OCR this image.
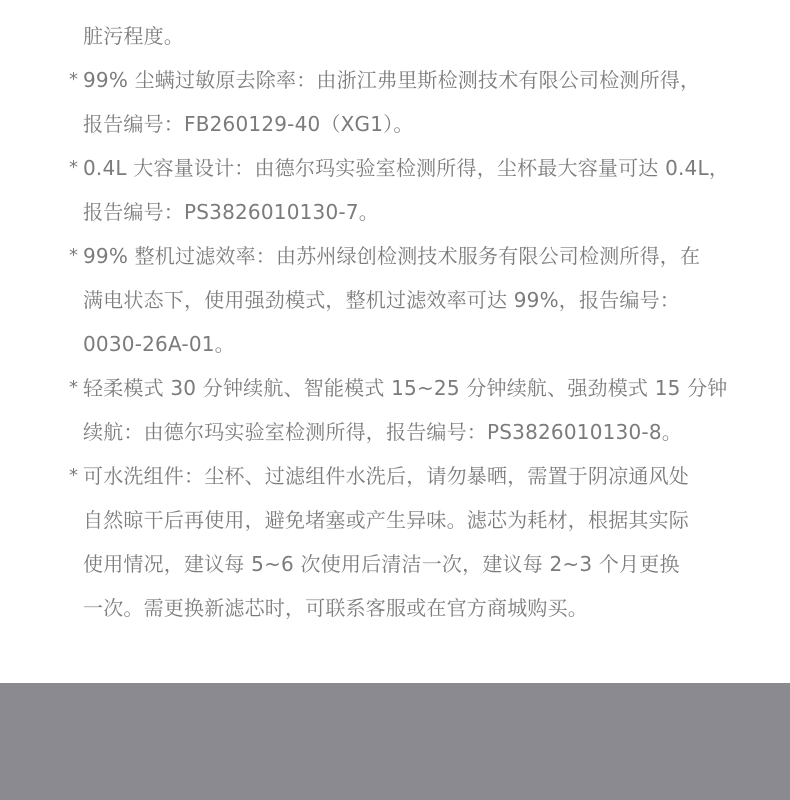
脏污程度。
* 99% 尘螨过敏原去除率：由浙江弗里斯检测技术有限公司检测所得，
报告编号：FB260129-40（XG1）。
* 0.4L 大容量设计：由德尔玛实验室检测所得，尘杯最大容量可达 0.4L，
报告编号：PS3826010130-7。
* 99% 整机过滤效率：由苏州绿创检测技术服务有限公司检测所得，在
满电状态下，使用强劲模式，整机过滤效率可达 99%，报告编号：
0030-26A-01。
* 轻柔模式 30 分钟续航、智能模式 15~25 分钟续航、强劲模式 15 分钟
续航：由德尔玛实验室检测所得，报告编号：PS3826010130-8。
* 可水洗组件：尘杯、过滤组件水洗后，请勿暴晒，需置于阴凉通风处
自然晾干后再使用，避免堵塞或产生异味。滤芯为耗材，根据其实际
使用情况，建议每 5~6 次使用后清洁一次，建议每 2~3 个月更换
一次。需更换新滤芯时，可联系客服或在官方商城购买。
